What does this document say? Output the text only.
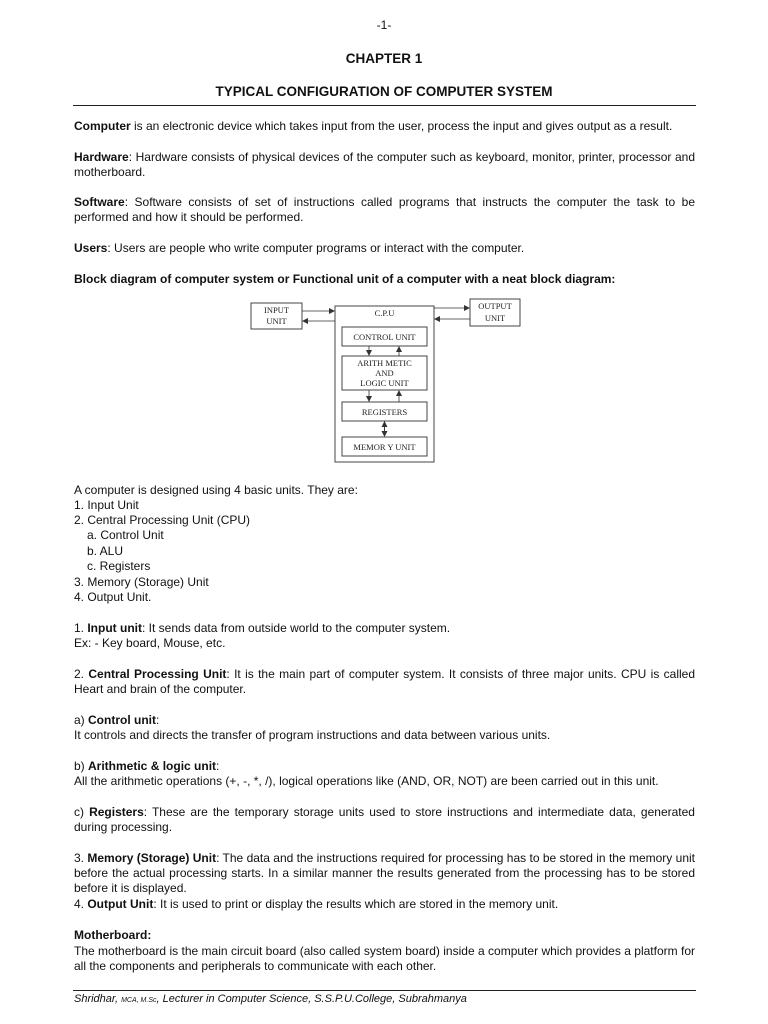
-1-
CHAPTER 1
TYPICAL CONFIGURATION OF COMPUTER SYSTEM
Computer is an electronic device which takes input from the user, process the input and gives output as a result.
Hardware: Hardware consists of physical devices of the computer such as keyboard, monitor, printer, processor and motherboard.
Software: Software consists of set of instructions called programs that instructs the computer the task to be performed and how it should be performed.
Users: Users are people who write computer programs or interact with the computer.
Block diagram of computer system or Functional unit of a computer with a neat block diagram:
INPUT
UNIT
C.P.U
OUTPUT
UNIT
CONTROL UNIT
ARITH METIC
AND
LOGIC UNIT
REGISTERS
MEMOR Y UNIT
A computer is designed using 4 basic units. They are:
1. Input Unit
2. Central Processing Unit (CPU)
a. Control Unit
b. ALU
c. Registers
3. Memory (Storage) Unit
4. Output Unit.
1. Input unit: It sends data from outside world to the computer system.
Ex: - Key board, Mouse, etc.
2. Central Processing Unit: It is the main part of computer system. It consists of three major units. CPU is called Heart and brain of the computer.
a) Control unit:
It controls and directs the transfer of program instructions and data between various units.
b) Arithmetic & logic unit:
All the arithmetic operations (+, -, *, /), logical operations like (AND, OR, NOT) are been carried out in this unit.
c) Registers: These are the temporary storage units used to store instructions and intermediate data, generated during processing.
3. Memory (Storage) Unit: The data and the instructions required for processing has to be stored in the memory unit before the actual processing starts. In a similar manner the results generated from the processing has to be stored before it is displayed.
4. Output Unit: It is used to print or display the results which are stored in the memory unit.
Motherboard:
The motherboard is the main circuit board (also called system board) inside a computer which provides a platform for all the components and peripherals to communicate with each other.
Shridhar, MCA, M.Sc, Lecturer in Computer Science, S.S.P.U.College, Subrahmanya
